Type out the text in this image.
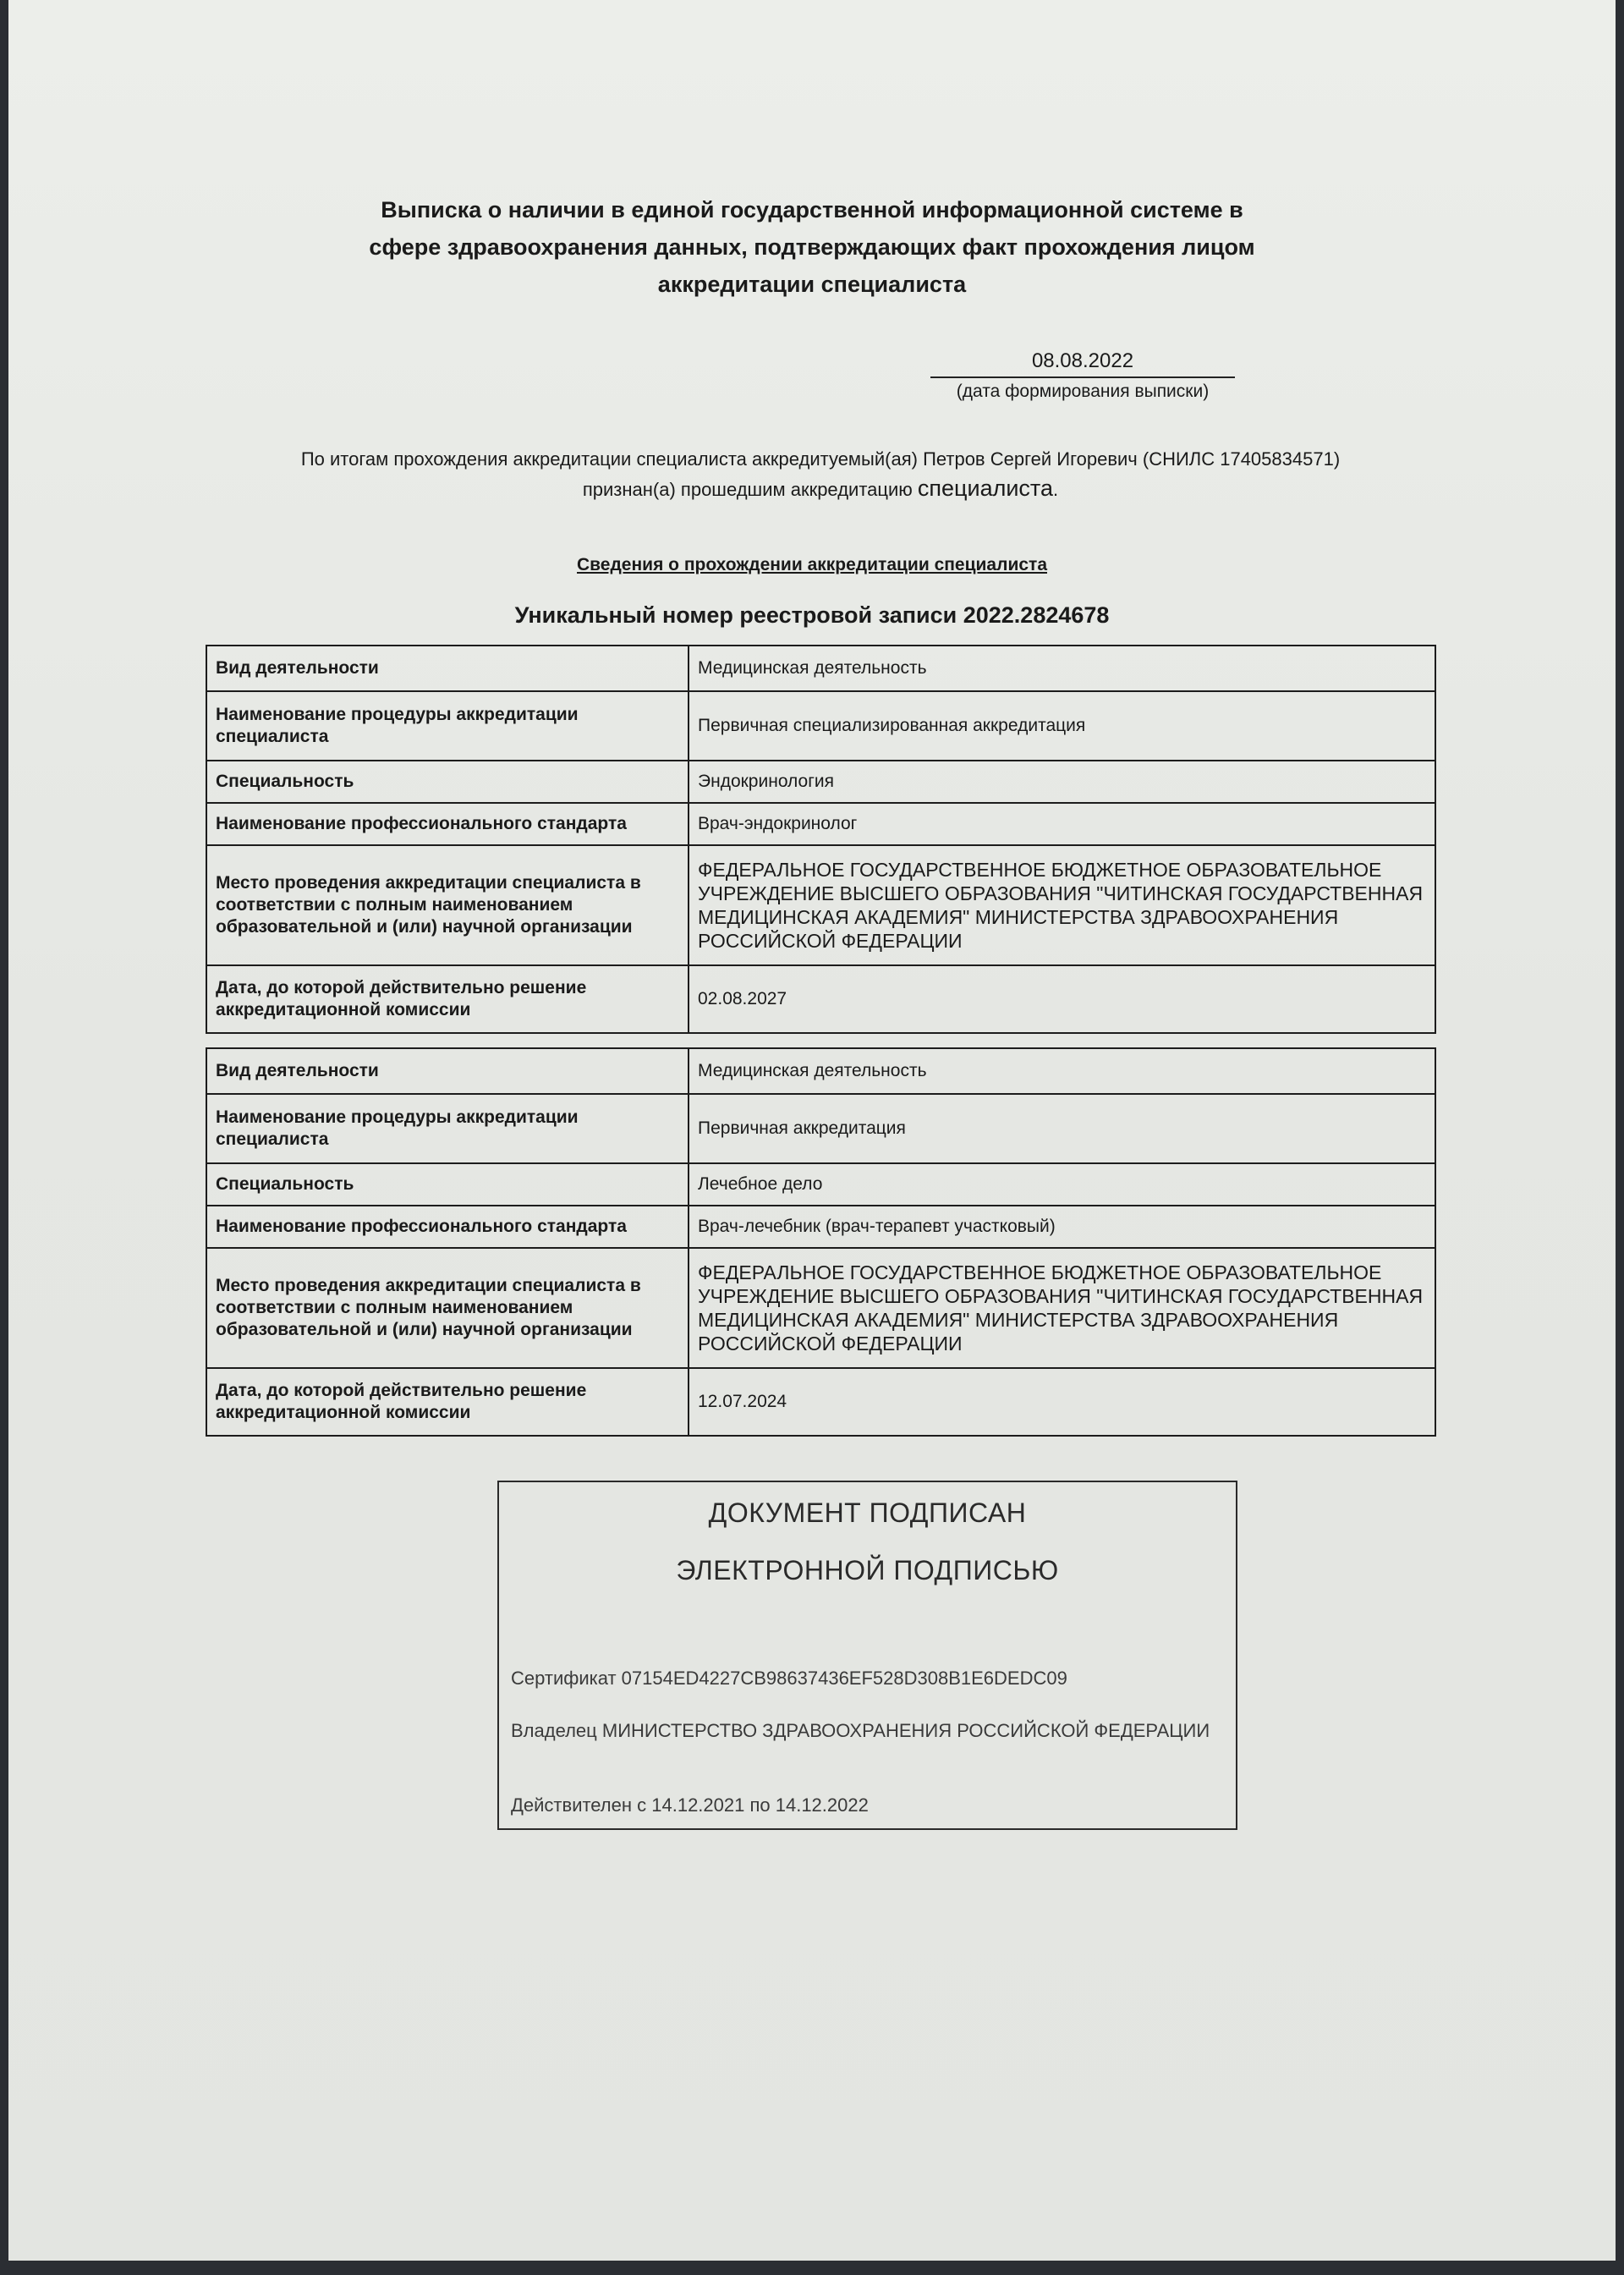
Выписка о наличии в единой государственной информационной системе в сфере здравоохранения данных, подтверждающих факт прохождения лицом аккредитации специалиста
08.08.2022
(дата формирования выписки)
По итогам прохождения аккредитации специалиста аккредитуемый(ая) Петров Сергей Игоревич (СНИЛС 17405834571)
признан(а) прошедшим аккредитацию специалиста.
Сведения о прохождении аккредитации специалиста
Уникальный номер реестровой записи 2022.2824678
Вид деятельности	Медицинская деятельность
Наименование процедуры аккредитации специалиста	Первичная специализированная аккредитация
Специальность	Эндокринология
Наименование профессионального стандарта	Врач-эндокринолог
Место проведения аккредитации специалиста в соответствии с полным наименованием образовательной и (или) научной организации	ФЕДЕРАЛЬНОЕ ГОСУДАРСТВЕННОЕ БЮДЖЕТНОЕ ОБРАЗОВАТЕЛЬНОЕ УЧРЕЖДЕНИЕ ВЫСШЕГО ОБРАЗОВАНИЯ "ЧИТИНСКАЯ ГОСУДАРСТВЕННАЯ МЕДИЦИНСКАЯ АКАДЕМИЯ" МИНИСТЕРСТВА ЗДРАВООХРАНЕНИЯ РОССИЙСКОЙ ФЕДЕРАЦИИ
Дата, до которой действительно решение аккредитационной комиссии	02.08.2027
Вид деятельности	Медицинская деятельность
Наименование процедуры аккредитации специалиста	Первичная аккредитация
Специальность	Лечебное дело
Наименование профессионального стандарта	Врач-лечебник (врач-терапевт участковый)
Место проведения аккредитации специалиста в соответствии с полным наименованием образовательной и (или) научной организации	ФЕДЕРАЛЬНОЕ ГОСУДАРСТВЕННОЕ БЮДЖЕТНОЕ ОБРАЗОВАТЕЛЬНОЕ УЧРЕЖДЕНИЕ ВЫСШЕГО ОБРАЗОВАНИЯ "ЧИТИНСКАЯ ГОСУДАРСТВЕННАЯ МЕДИЦИНСКАЯ АКАДЕМИЯ" МИНИСТЕРСТВА ЗДРАВООХРАНЕНИЯ РОССИЙСКОЙ ФЕДЕРАЦИИ
Дата, до которой действительно решение аккредитационной комиссии	12.07.2024
ДОКУМЕНТ ПОДПИСАН
ЭЛЕКТРОННОЙ ПОДПИСЬЮ
Сертификат 07154ED4227CB98637436EF528D308B1E6DEDC09
Владелец МИНИСТЕРСТВО ЗДРАВООХРАНЕНИЯ РОССИЙСКОЙ ФЕДЕРАЦИИ
Действителен с 14.12.2021 по 14.12.2022
